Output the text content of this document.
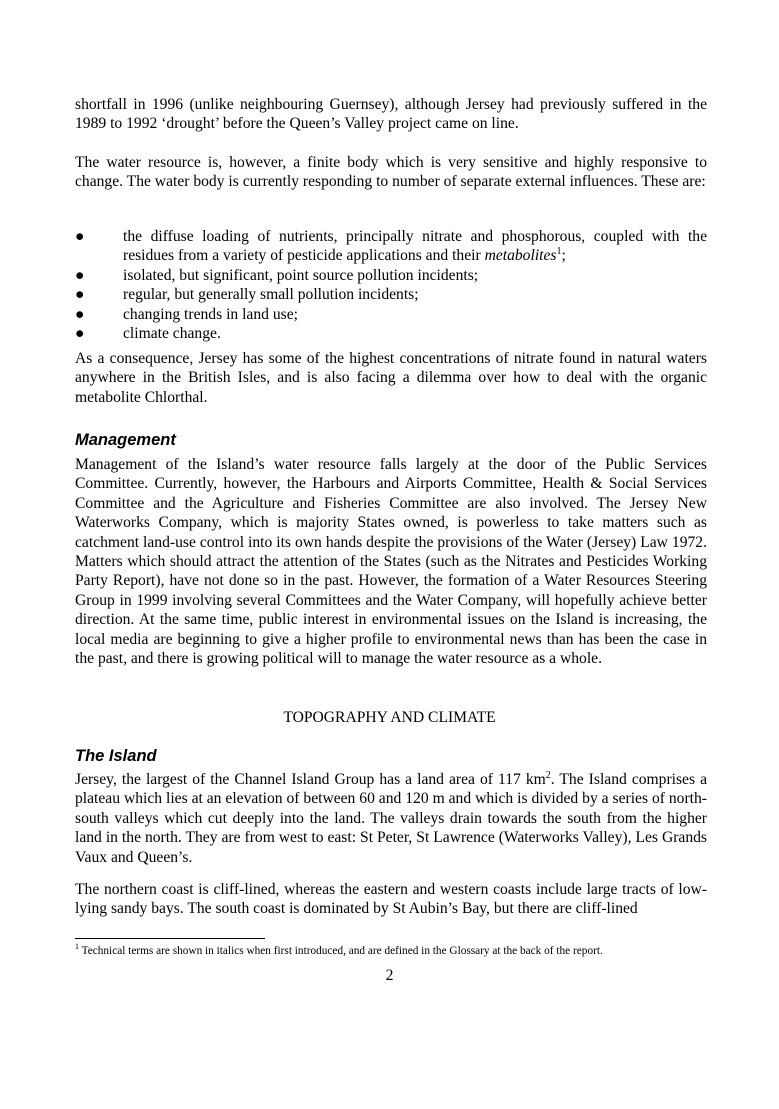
shortfall in 1996 (unlike neighbouring Guernsey), although Jersey had previously suffered in the 1989 to 1992 ‘drought’ before the Queen’s Valley project came on line.

The water resource is, however, a finite body which is very sensitive and highly responsive to change. The water body is currently responding to number of separate external influences. These are:

● the diffuse loading of nutrients, principally nitrate and phosphorous, coupled with the residues from a variety of pesticide applications and their metabolites$^1$;
● isolated, but significant, point source pollution incidents;
● regular, but generally small pollution incidents;
● changing trends in land use;
● climate change.

As a consequence, Jersey has some of the highest concentrations of nitrate found in natural waters anywhere in the British Isles, and is also facing a dilemma over how to deal with the organic metabolite Chlorthal.

Management

Management of the Island’s water resource falls largely at the door of the Public Services Committee. Currently, however, the Harbours and Airports Committee, Health & Social Services Committee and the Agriculture and Fisheries Committee are also involved. The Jersey New Waterworks Company, which is majority States owned, is powerless to take matters such as catchment land-use control into its own hands despite the provisions of the Water (Jersey) Law 1972. Matters which should attract the attention of the States (such as the Nitrates and Pesticides Working Party Report), have not done so in the past. However, the formation of a Water Resources Steering Group in 1999 involving several Committees and the Water Company, will hopefully achieve better direction. At the same time, public interest in environmental issues on the Island is increasing, the local media are beginning to give a higher profile to environmental news than has been the case in the past, and there is growing political will to manage the water resource as a whole.

TOPOGRAPHY AND CLIMATE
The Island

Jersey, the largest of the Channel Island Group has a land area of 117 $km^2$. The Island comprises a plateau which lies at an elevation of between 60 and 120 m and which is divided by a series of north-south valleys which cut deeply into the land. The valleys drain towards the south from the higher land in the north. They are from west to east: St Peter, St Lawrence (Waterworks Valley), Les Grands Vaux and Queen’s.

The northern coast is cliff-lined, whereas the eastern and western coasts include large tracts of low-lying sandy bays. The south coast is dominated by St Aubin’s Bay, but there are cliff-lined

$^1$ Technical terms are shown in italics when first introduced, and are defined in the Glossary at the back of the report.
2
